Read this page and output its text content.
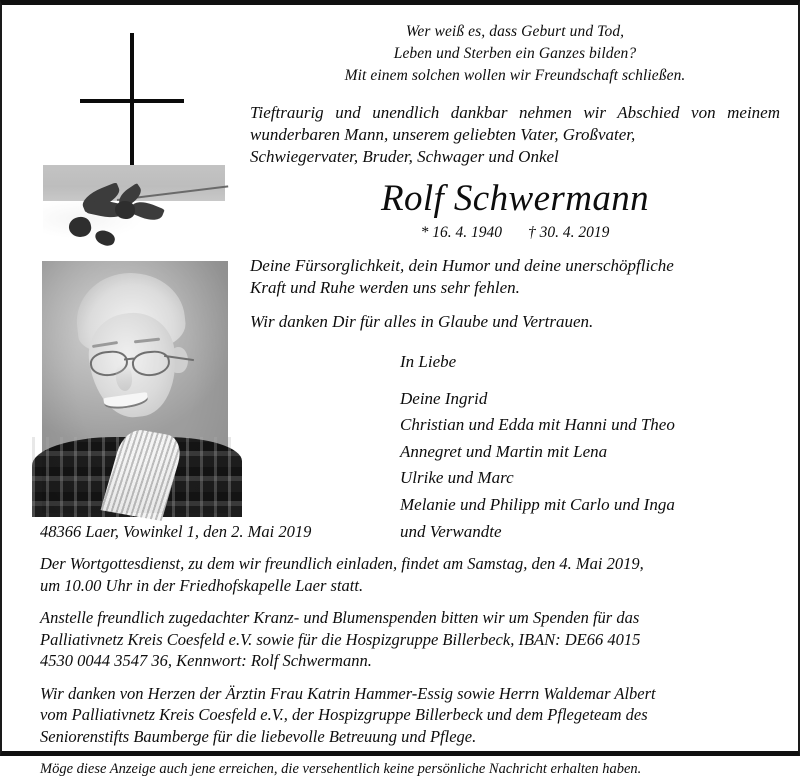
Wer weiß es, dass Geburt und Tod,
Leben und Sterben ein Ganzes bilden?
Mit einem solchen wollen wir Freundschaft schließen.
Tieftraurig und unendlich dankbar nehmen wir Abschied von meinem wunderbaren Mann, unserem geliebten Vater, Großvater,
Schwiegervater, Bruder, Schwager und Onkel
Rolf Schwermann
* 16. 4. 1940 † 30. 4. 2019
Deine Fürsorglichkeit, dein Humor und deine unerschöpfliche
Kraft und Ruhe werden uns sehr fehlen.
Wir danken Dir für alles in Glaube und Vertrauen.
In Liebe
Deine Ingrid
Christian und Edda mit Hanni und Theo
Annegret und Martin mit Lena
Ulrike und Marc
Melanie und Philipp mit Carlo und Inga
und Verwandte
48366 Laer, Vowinkel 1, den 2. Mai 2019
Der Wortgottesdienst, zu dem wir freundlich einladen, findet am Samstag, den 4. Mai 2019,
um 10.00 Uhr in der Friedhofskapelle Laer statt.
Anstelle freundlich zugedachter Kranz- und Blumenspenden bitten wir um Spenden für das
Palliativnetz Kreis Coesfeld e.V. sowie für die Hospizgruppe Billerbeck, IBAN: DE66 4015
4530 0044 3547 36, Kennwort: Rolf Schwermann.
Wir danken von Herzen der Ärztin Frau Katrin Hammer-Essig sowie Herrn Waldemar Albert
vom Palliativnetz Kreis Coesfeld e.V., der Hospizgruppe Billerbeck und dem Pflegeteam des
Seniorenstifts Baumberge für die liebevolle Betreuung und Pflege.
Möge diese Anzeige auch jene erreichen, die versehentlich keine persönliche Nachricht erhalten haben.
